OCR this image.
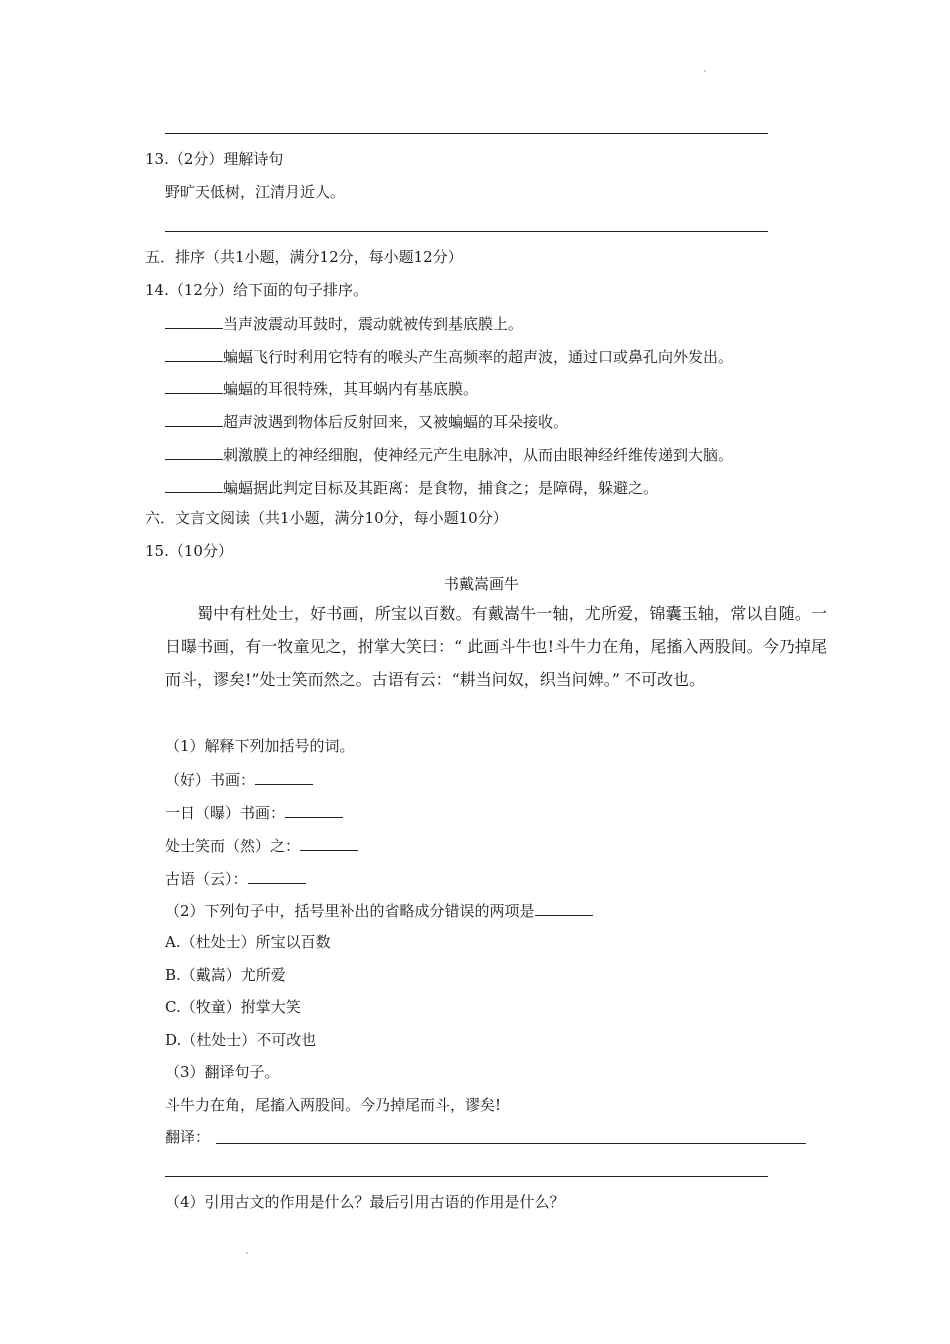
13.（2分）理解诗句
野旷天低树，江清月近人。
五．排序（共1小题，满分12分，每小题12分）
14.（12分）给下面的句子排序。
当声波震动耳鼓时，震动就被传到基底膜上。
蝙蝠飞行时利用它特有的喉头产生高频率的超声波，通过口或鼻孔向外发出。
蝙蝠的耳很特殊，其耳蜗内有基底膜。
超声波遇到物体后反射回来，又被蝙蝠的耳朵接收。
刺激膜上的神经细胞，使神经元产生电脉冲，从而由眼神经纤维传递到大脑。
蝙蝠据此判定目标及其距离：是食物，捕食之；是障碍，躲避之。
六．文言文阅读（共1小题，满分10分，每小题10分）
15.（10分）
书戴嵩画牛
蜀中有杜处士，好书画，所宝以百数。有戴嵩牛一轴，尤所爱，锦囊玉轴，常以自随。一日曝书画，有一牧童见之，拊掌大笑曰：“ 此画斗牛也!斗牛力在角，尾搐入两股间。今乃掉尾而斗，谬矣!”处士笑而然之。古语有云：“耕当问奴，织当问婢。” 不可改也。
（1）解释下列加括号的词。
（好）书画：
一日（曝）书画：
处士笑而（然）之：
古语（云）：
（2）下列句子中，括号里补出的省略成分错误的两项是
A.（杜处士）所宝以百数
B.（戴嵩）尤所爱
C.（牧童）拊掌大笑
D.（杜处士）不可改也
（3）翻译句子。
斗牛力在角，尾搐入两股间。今乃掉尾而斗，谬矣!
翻译：
（4）引用古文的作用是什么？最后引用古语的作用是什么？
